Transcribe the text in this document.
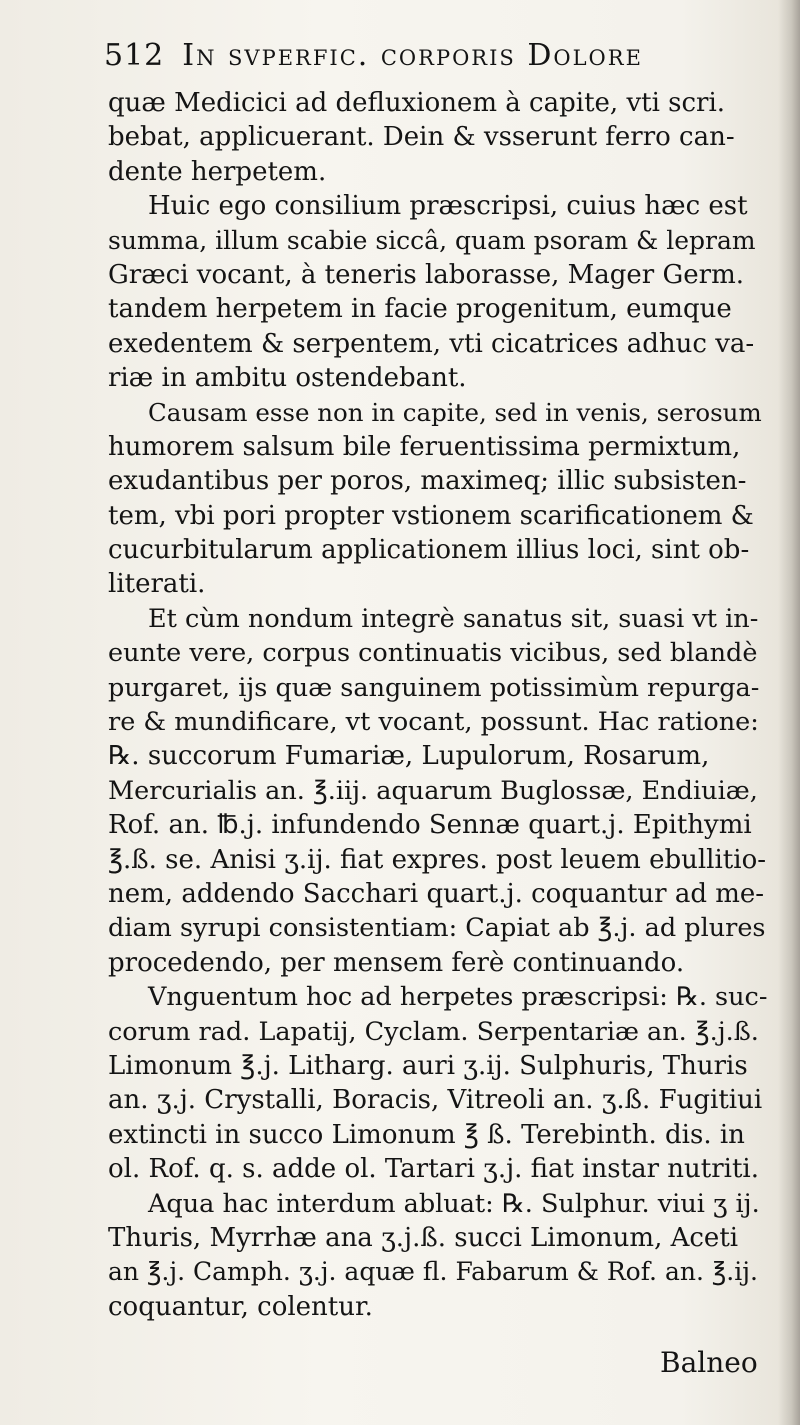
512 In svperfic. corporis Dolore
quæ Medicici ad defluxionem à capite, vti scri.
bebat, applicuerant. Dein & vsserunt ferro can-
dente herpetem.
Huic ego consilium præscripsi, cuius hæc est
summa, illum scabie siccâ, quam psoram & lepram
Græci vocant, à teneris laborasse, Mager Germ.
tandem herpetem in facie progenitum, eumque
exedentem & serpentem, vti cicatrices adhuc va-
riæ in ambitu ostendebant.
Causam esse non in capite, sed in venis, serosum
humorem salsum bile feruentissima permixtum,
exudantibus per poros, maximeq; illic subsisten-
tem, vbi pori propter vstionem scarificationem &
cucurbitularum applicationem illius loci, sint ob-
literati.
Et cùm nondum integrè sanatus sit, suasi vt in-
eunte vere, corpus continuatis vicibus, sed blandè
purgaret, ijs quæ sanguinem potissimùm repurga-
re & mundificare, vt vocant, possunt. Hac ratione:
℞. succorum Fumariæ, Lupulorum, Rosarum,
Mercurialis an. ℥.iij. aquarum Buglossæ, Endiuiæ,
Rof. an. ℔.j. infundendo Sennæ quart.j. Epithymi
℥.ß. se. Anisi ʒ.ij. fiat expres. post leuem ebullitio-
nem, addendo Sacchari quart.j. coquantur ad me-
diam syrupi consistentiam: Capiat ab ℥.j. ad plures
procedendo, per mensem ferè continuando.
Vnguentum hoc ad herpetes præscripsi: ℞. suc-
corum rad. Lapatij, Cyclam. Serpentariæ an. ℥.j.ß.
Limonum ℥.j. Litharg. auri ʒ.ij. Sulphuris, Thuris
an. ʒ.j. Crystalli, Boracis, Vitreoli an. ʒ.ß. Fugitiui
extincti in succo Limonum ℥ ß. Terebinth. dis. in
ol. Rof. q. s. adde ol. Tartari ʒ.j. fiat instar nutriti.
Aqua hac interdum abluat: ℞. Sulphur. viui ʒ ij.
Thuris, Myrrhæ ana ʒ.j.ß. succi Limonum, Aceti
an ℥.j. Camph. ʒ.j. aquæ fl. Fabarum & Rof. an. ℥.ij.
coquantur, colentur.
Balneo
